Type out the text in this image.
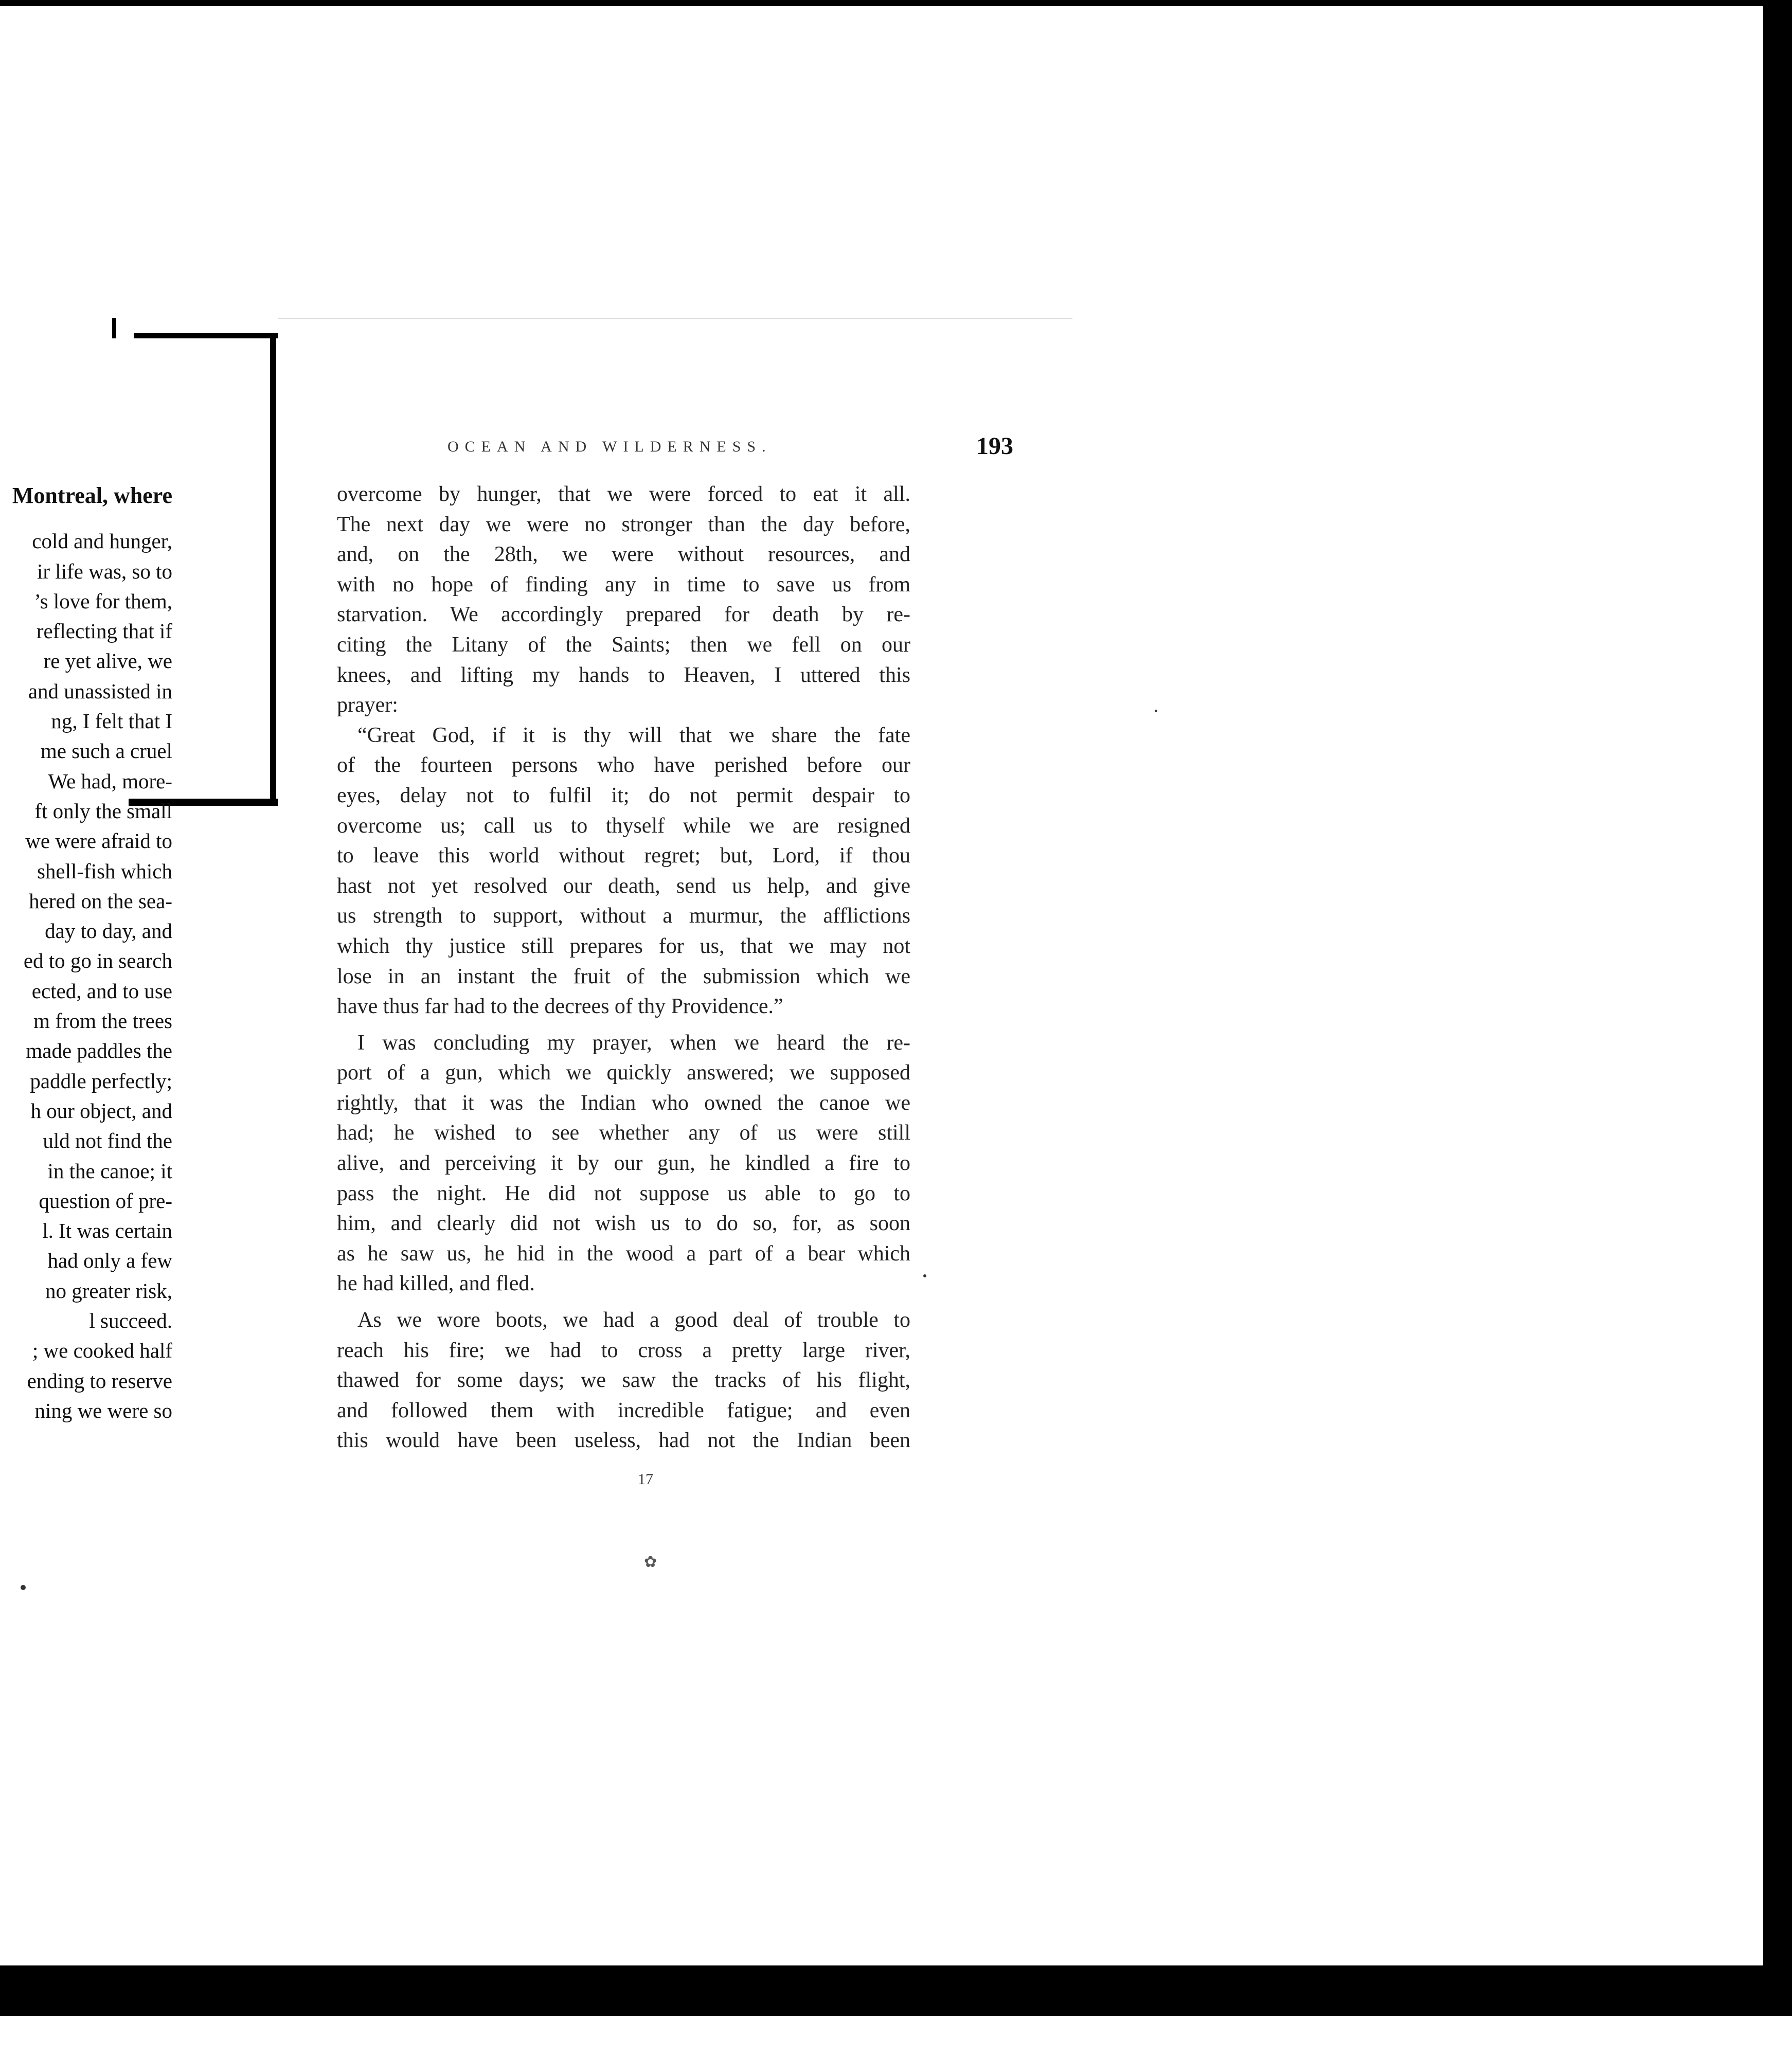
Montreal, where
cold and hunger,
ir life was, so to
’s love for them,
reflecting that if
re yet alive, we
and unassisted in
ng, I felt that I
me such a cruel
We had, more-
ft only the small
we were afraid to
shell-fish which
hered on the sea-
day to day, and
ed to go in search
ected, and to use
m from the trees
made paddles the
paddle perfectly;
h our object, and
uld not find the
in the canoe; it
question of pre-
l. It was certain
had only a few
no greater risk,
l succeed.
; we cooked half
ending to reserve
ning we were so
OCEAN AND WILDERNESS.	193
overcome by hunger, that we were forced to eat it all.
The next day we were no stronger than the day before,
and, on the 28th, we were without resources, and
with no hope of finding any in time to save us from
starvation. We accordingly prepared for death by re-
citing the Litany of the Saints; then we fell on our
knees, and lifting my hands to Heaven, I uttered this
prayer:
“Great God, if it is thy will that we share the fate
of the fourteen persons who have perished before our
eyes, delay not to fulfil it; do not permit despair to
overcome us; call us to thyself while we are resigned
to leave this world without regret; but, Lord, if thou
hast not yet resolved our death, send us help, and give
us strength to support, without a murmur, the afflictions
which thy justice still prepares for us, that we may not
lose in an instant the fruit of the submission which we
have thus far had to the decrees of thy Providence.”
I was concluding my prayer, when we heard the re-
port of a gun, which we quickly answered; we supposed
rightly, that it was the Indian who owned the canoe we
had; he wished to see whether any of us were still
alive, and perceiving it by our gun, he kindled a fire to
pass the night. He did not suppose us able to go to
him, and clearly did not wish us to do so, for, as soon
as he saw us, he hid in the wood a part of a bear which
he had killed, and fled.
As we wore boots, we had a good deal of trouble to
reach his fire; we had to cross a pretty large river,
thawed for some days; we saw the tracks of his flight,
and followed them with incredible fatigue; and even
this would have been useless, had not the Indian been
17
✿
